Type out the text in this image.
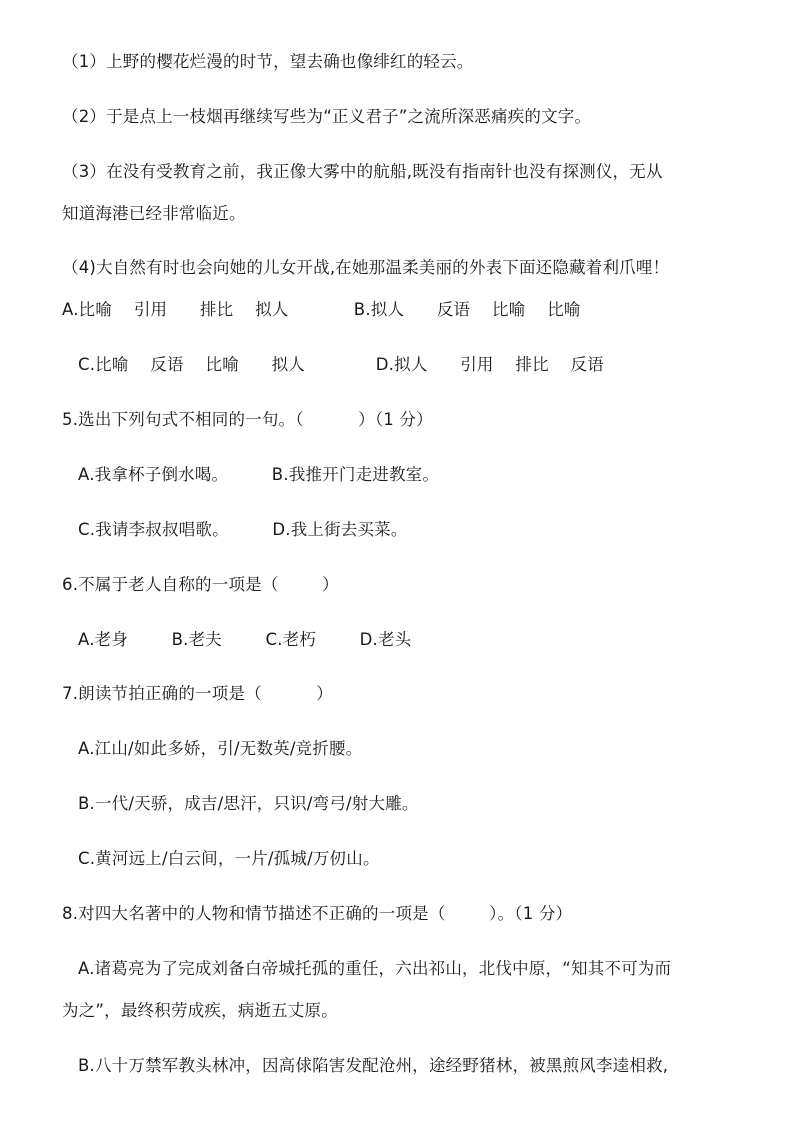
（1）上野的樱花烂漫的时节，望去确也像绯红的轻云。
（2）于是点上一枝烟再继续写些为“正义君子”之流所深恶痛疾的文字。
（3）在没有受教育之前，我正像大雾中的航船,既没有指南针也没有探测仪，无从
知道海港已经非常临近。
（4)大自然有时也会向她的儿女开战,在她那温柔美丽的外表下面还隐藏着利爪哩！
A.比喻    引用      排比    拟人            B.拟人      反语    比喻    比喻
C.比喻    反语    比喻      拟人             D.拟人      引用    排比    反语
5.选出下列句式不相同的一句。（          ）（1 分）
A.我拿杯子倒水喝。        B.我推开门走进教室。
C.我请李叔叔唱歌。        D.我上街去买菜。
6.不属于老人自称的一项是（        ）
A.老身        B.老夫        C.老朽        D.老头
7.朗读节拍正确的一项是（          ）
A.江山/如此多娇，引/无数英/竞折腰。
B.一代/天骄，成吉/思汗，只识/弯弓/射大雕。
C.黄河远上/白云间，一片/孤城/万仞山。
8.对四大名著中的人物和情节描述不正确的一项是（        ）。（1 分）
A.诸葛亮为了完成刘备白帝城托孤的重任，六出祁山，北伐中原，“知其不可为而
为之”，最终积劳成疾，病逝五丈原。
B.八十万禁军教头林冲，因高俅陷害发配沧州，途经野猪林，被黑煎风李逵相救,
